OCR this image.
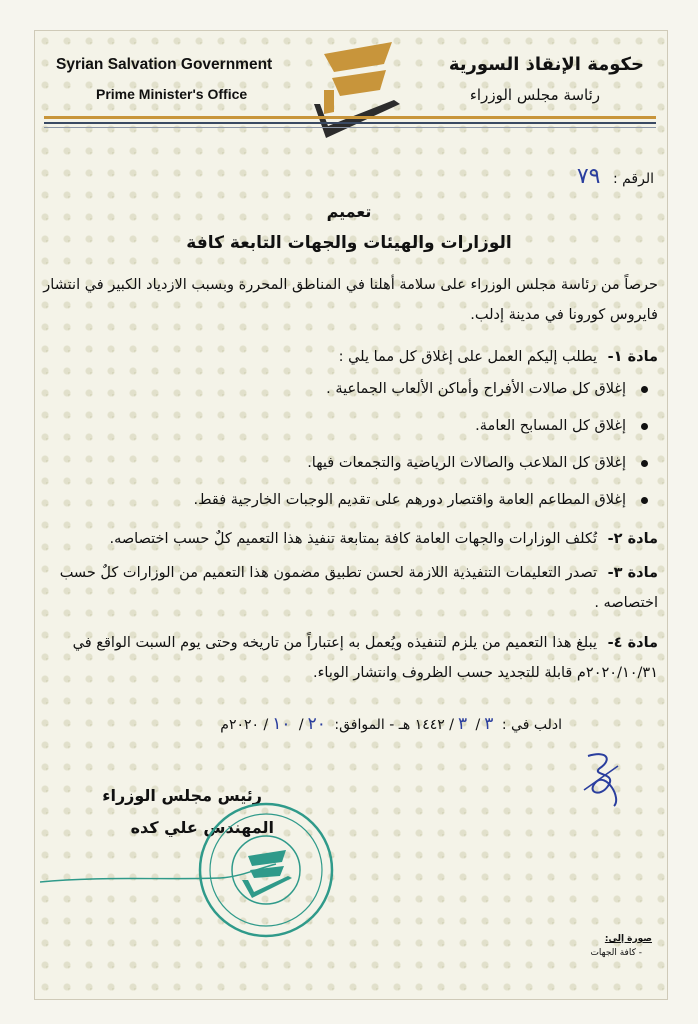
Syrian Salvation Government
Prime Minister's Office
حكومة الإنقاذ السورية
رئاسة مجلس الوزراء
الرقم : ٧٩
تعميم
الوزارات والهيئات والجهات التابعة كافة
حرصاً من رئاسة مجلس الوزراء على سلامة أهلنا في المناطق المحررة وبسبب الازدياد الكبير في انتشار فايروس كورونا في مدينة إدلب.
مادة ١- يطلب إليكم العمل على إغلاق كل مما يلي :
إغلاق كل صالات الأفراح وأماكن الألعاب الجماعية .
إغلاق كل المسابح العامة.
إغلاق كل الملاعب والصالات الرياضية والتجمعات فيها.
إغلاق المطاعم العامة واقتصار دورهم على تقديم الوجبات الخارجية فقط.
مادة ٢- تُكلف الوزارات والجهات العامة كافة بمتابعة تنفيذ هذا التعميم كلٌ حسب اختصاصه.
مادة ٣- تصدر التعليمات التنفيذية اللازمة لحسن تطبيق مضمون هذا التعميم من الوزارات كلٌ حسب اختصاصه .
مادة ٤- يبلغ هذا التعميم من يلزم لتنفيذه ويُعمل به إعتباراً من تاريخه وحتى يوم السبت الواقع في ٢٠٢٠/١٠/٣١م قابلة للتجديد حسب الظروف وانتشار الوباء.
ادلب في : ٣/ ٣/ ١٤٤٢ هـ - الموافق: ٢٠/ ١٠/ ٢٠٢٠م
رئيس مجلس الوزراء
المهندس علي كده
صورة إلى:
- كافة الجهات
